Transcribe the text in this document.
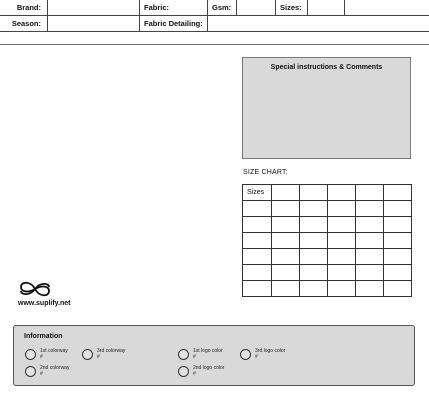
Brand:	Fabric:	Gsm:	Sizes:
Season:	Fabric Detailing:
Special instructions & Comments
SIZE CHART:
Sizes					

www.suplify.net
Information
1st colorway
#
3rd colorway
#
1st logo color
#
3rd logo color
#
2nd colorway
#
2nd logo color
#
